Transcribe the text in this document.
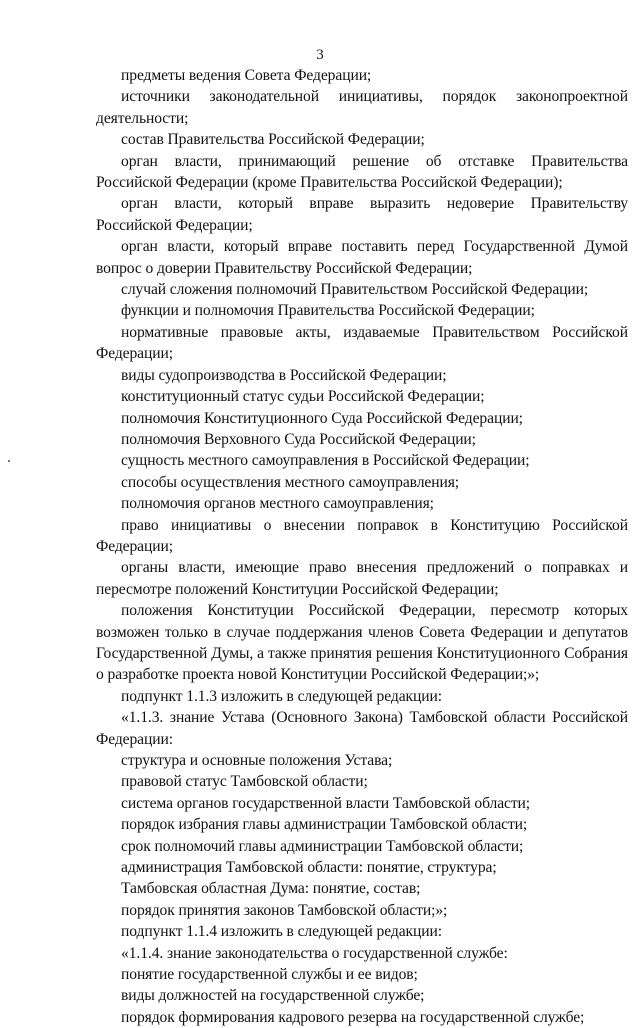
3

предметы ведения Совета Федерации;

источники законодательной инициативы, порядок законопроектной деятельности;

состав Правительства Российской Федерации;

орган власти, принимающий решение об отставке Правительства Российской Федерации (кроме Правительства Российской Федерации);

орган власти, который вправе выразить недоверие Правительству Российской Федерации;

орган власти, который вправе поставить перед Государственной Думой вопрос о доверии Правительству Российской Федерации;

случай сложения полномочий Правительством Российской Федерации;

функции и полномочия Правительства Российской Федерации;

нормативные правовые акты, издаваемые Правительством Российской Федерации;

виды судопроизводства в Российской Федерации;

конституционный статус судьи Российской Федерации;

полномочия Конституционного Суда Российской Федерации;

полномочия Верховного Суда Российской Федерации;

сущность местного самоуправления в Российской Федерации;

способы осуществления местного самоуправления;

полномочия органов местного самоуправления;

право инициативы о внесении поправок в Конституцию Российской Федерации;

органы власти, имеющие право внесения предложений о поправках и пересмотре положений Конституции Российской Федерации;

положения Конституции Российской Федерации, пересмотр которых возможен только в случае поддержания членов Совета Федерации и депутатов Государственной Думы, а также принятия решения Конституционного Собрания о разработке проекта новой Конституции Российской Федерации;»;

подпункт 1.1.3 изложить в следующей редакции:

«1.1.3. знание Устава (Основного Закона) Тамбовской области Российской Федерации:

структура и основные положения Устава;

правовой статус Тамбовской области;

система органов государственной власти Тамбовской области;

порядок избрания главы администрации Тамбовской области;

срок полномочий главы администрации Тамбовской области;

администрация Тамбовской области: понятие, структура;

Тамбовская областная Дума: понятие, состав;

порядок принятия законов Тамбовской области;»;

подпункт 1.1.4 изложить в следующей редакции:

«1.1.4. знание законодательства о государственной службе:

понятие государственной службы и ее видов;

виды должностей на государственной службе;

порядок формирования кадрового резерва на государственной службе;
